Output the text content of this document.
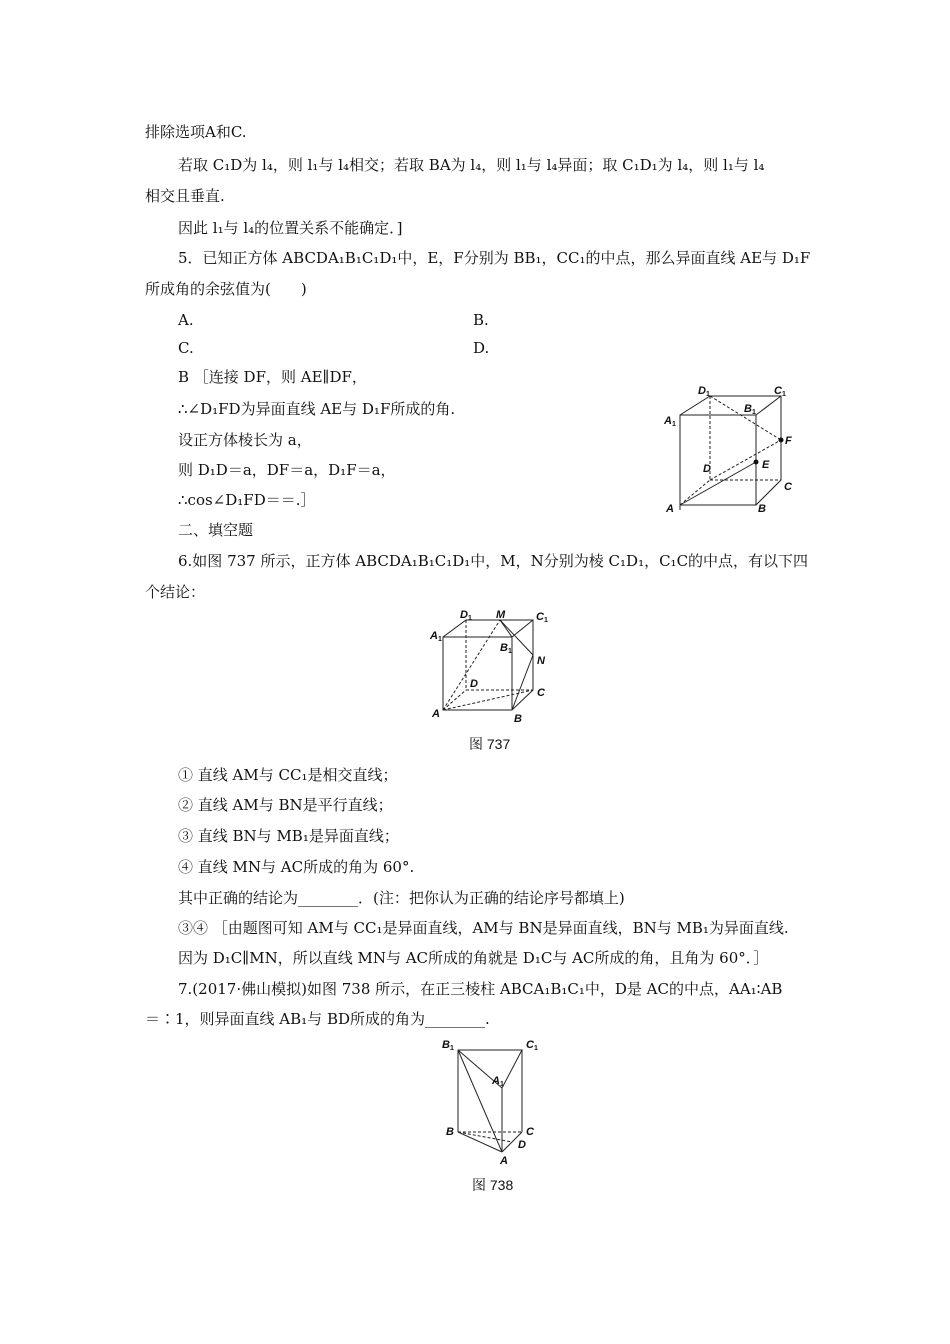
排除选项A和C.
若取 C₁D为 l₄，则 l₁与 l₄相交；若取 BA为 l₄，则 l₁与 l₄异面；取 C₁D₁为 l₄，则 l₁与 l₄
相交且垂直.
因此 l₁与 l₄的位置关系不能确定．]
5．已知正方体 ABCDA₁B₁C₁D₁中，E，F分别为 BB₁，CC₁的中点，那么异面直线 AE与 D₁F
所成角的余弦值为(　　)
A.	B.
C.	D.
B ［连接 DF，则 AE∥DF，
∴∠D₁FD为异面直线 AE与 D₁F所成的角.
设正方体棱长为 a，
则 D₁D＝a，DF＝a，D₁F＝a，
∴cos∠D₁FD＝＝.］
二、填空题
6.如图 737 所示，正方体 ABCDA₁B₁C₁D₁中，M，N分别为棱 C₁D₁，C₁C的中点，有以下四
个结论：
D 1	C 1
A 1
B 1
F
E
D
C
A	B
D 1 M	C 1
A 1
B 1
N
D
C
A	B
图 737
① 直线 AM与 CC₁是相交直线；
② 直线 AM与 BN是平行直线；
③ 直线 BN与 MB₁是异面直线；
④ 直线 MN与 AC所成的角为 60°.
其中正确的结论为________．(注：把你认为正确的结论序号都填上)
③④ ［由题图可知 AM与 CC₁是异面直线，AM与 BN是异面直线，BN与 MB₁为异面直线.
因为 D₁C∥MN，所以直线 MN与 AC所成的角就是 D₁C与 AC所成的角，且角为 60°．］
7.(2017·佛山模拟)如图 738 所示，在正三棱柱 ABCA₁B₁C₁中，D是 AC的中点，AA₁∶AB
＝∶1，则异面直线 AB₁与 BD所成的角为________.
B 1	C 1
A 1
B	C
D
A
图 738
